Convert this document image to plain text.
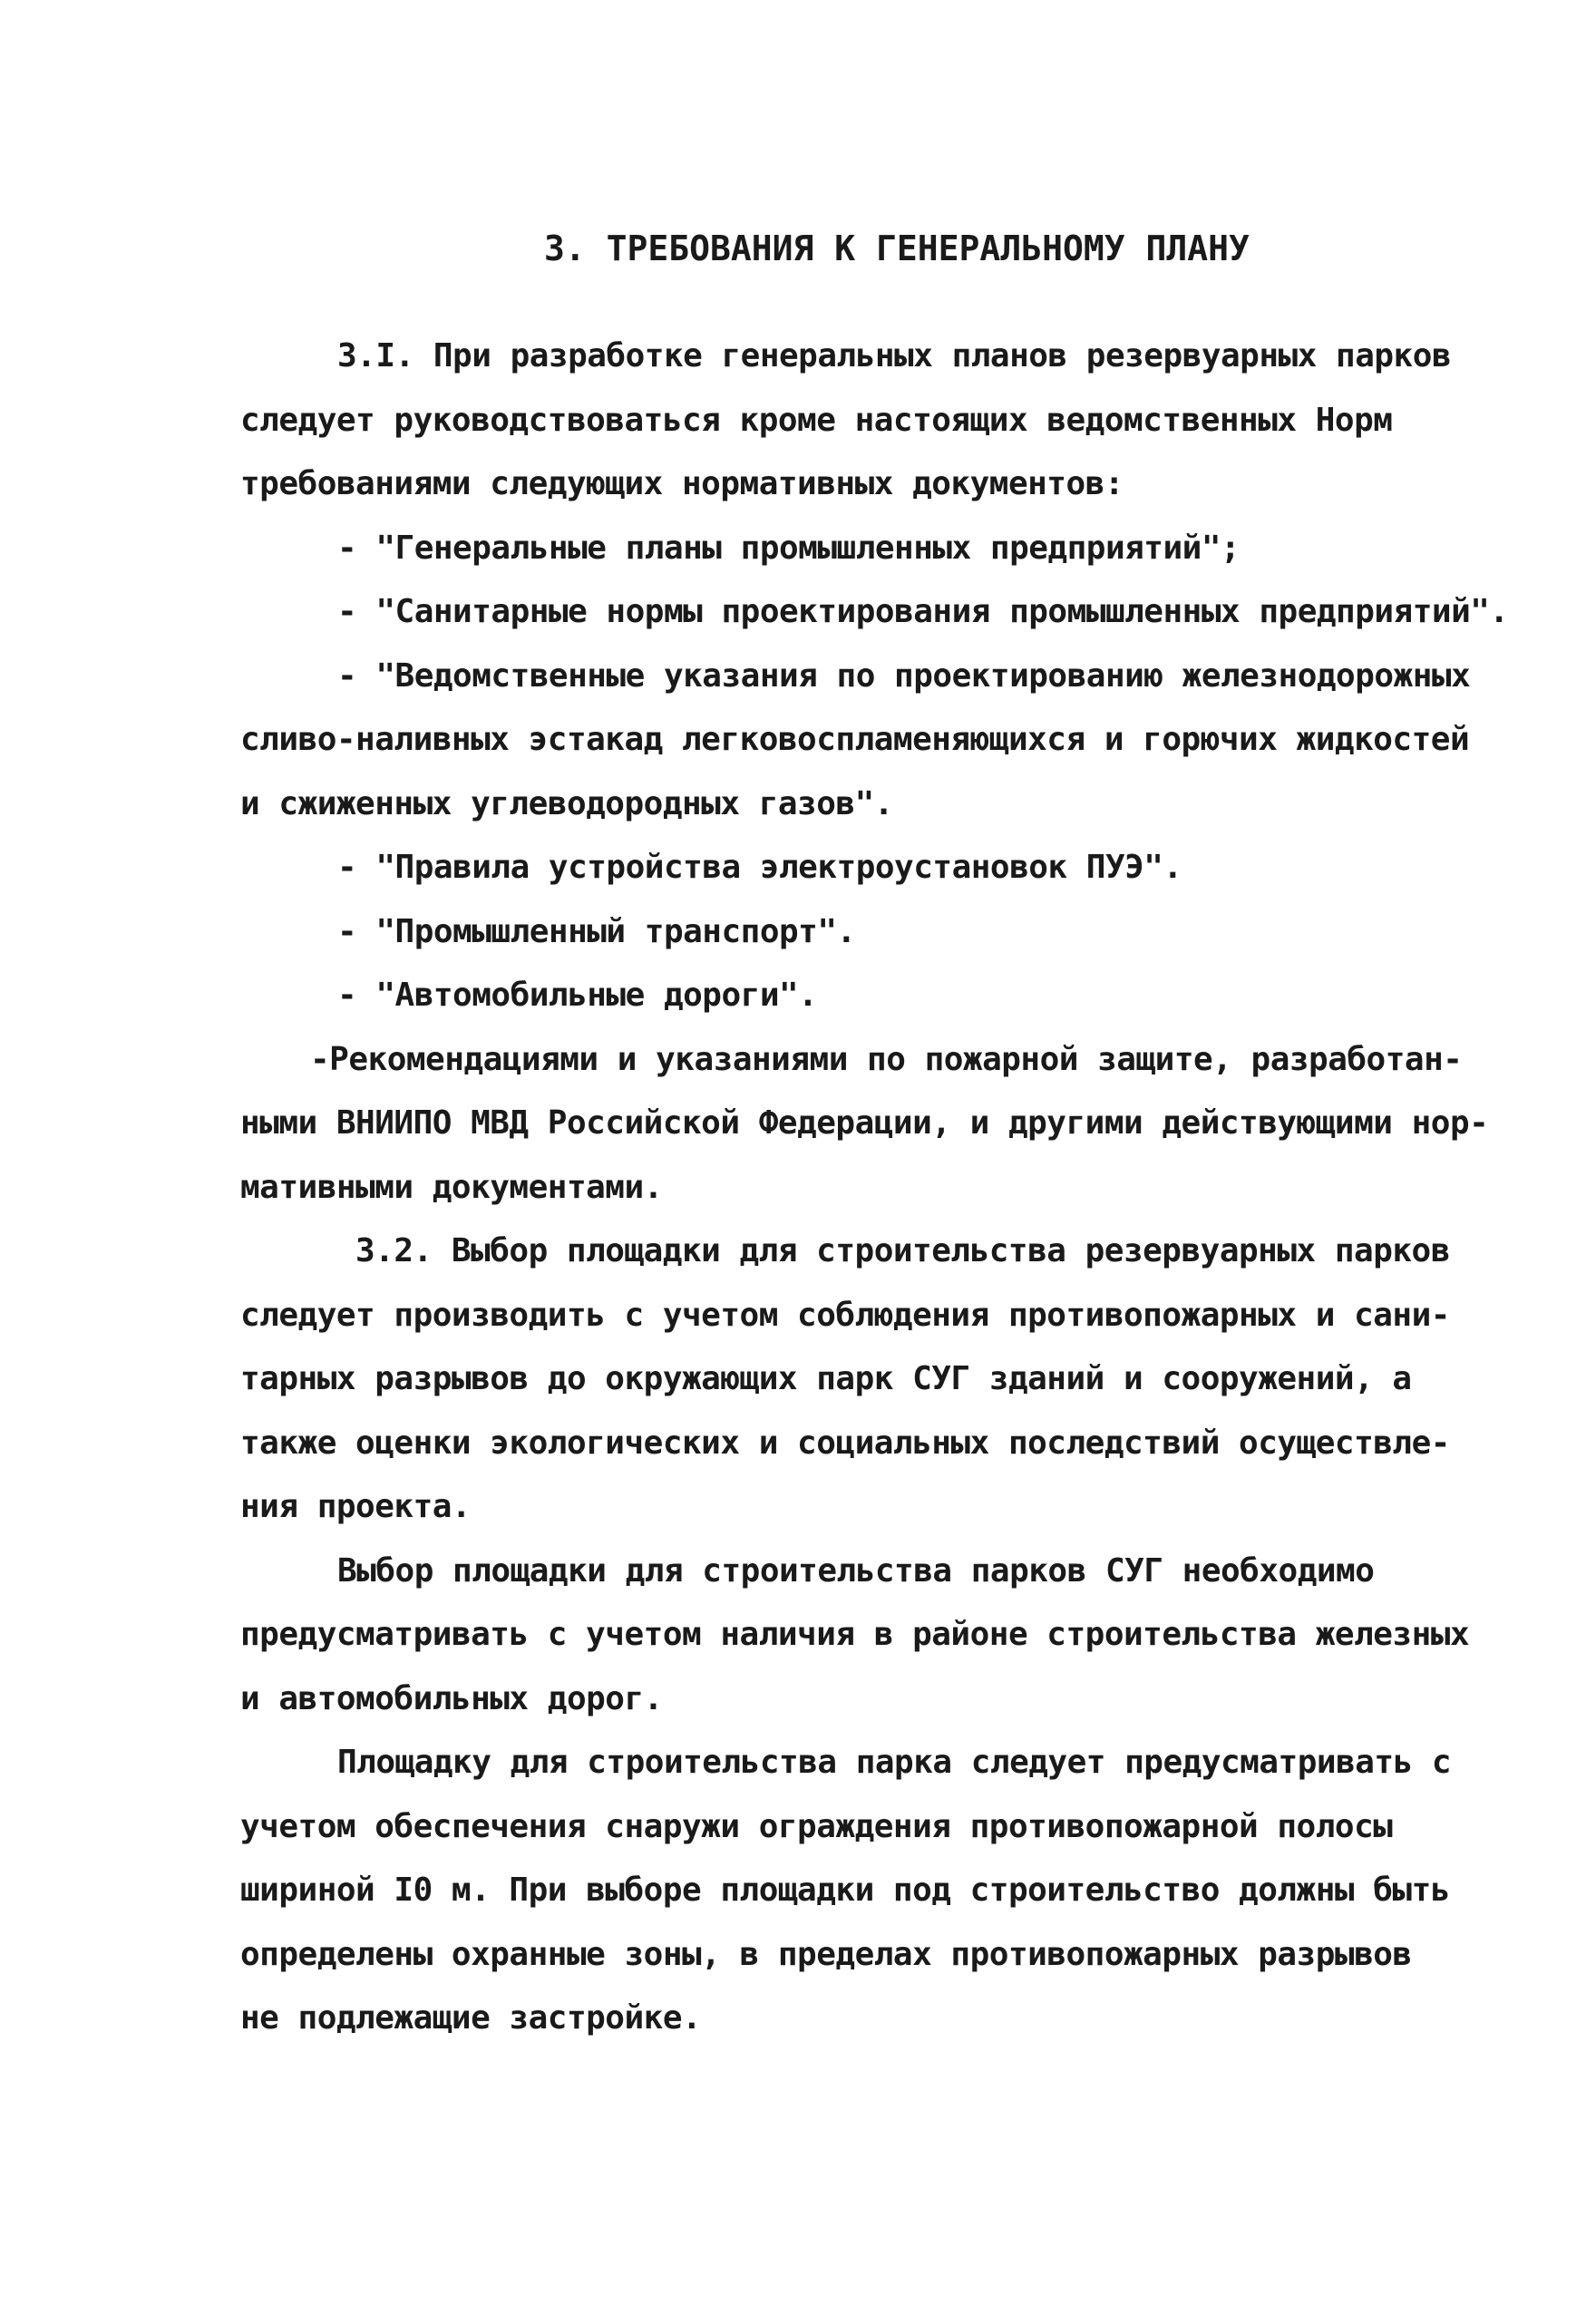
3. ТРЕБОВАНИЯ К ГЕНЕРАЛЬНОМУ ПЛАНУ
3.I. При разработке генеральных планов резервуарных парков
следует руководствоваться кроме настоящих ведомственных Норм
требованиями следующих нормативных документов:
- "Генеральные планы промышленных предприятий";
- "Санитарные нормы проектирования промышленных предприятий".
- "Ведомственные указания по проектированию железнодорожных
сливо-наливных эстакад легковоспламеняющихся и горючих жидкостей
и сжиженных углеводородных газов".
- "Правила устройства электроустановок ПУЭ".
- "Промышленный транспорт".
- "Автомобильные дороги".
-Рекомендациями и указаниями по пожарной защите, разработан-
ными ВНИИПО МВД Российской Федерации, и другими действующими нор-
мативными документами.
3.2. Выбор площадки для строительства резервуарных парков
следует производить с учетом соблюдения противопожарных и сани-
тарных разрывов до окружающих парк СУГ зданий и сооружений, а
также оценки экологических и социальных последствий осуществле-
ния проекта.
Выбор площадки для строительства парков СУГ необходимо
предусматривать с учетом наличия в районе строительства железных
и автомобильных дорог.
Площадку для строительства парка следует предусматривать с
учетом обеспечения снаружи ограждения противопожарной полосы
шириной I0 м. При выборе площадки под строительство должны быть
определены охранные зоны, в пределах противопожарных разрывов
не подлежащие застройке.
